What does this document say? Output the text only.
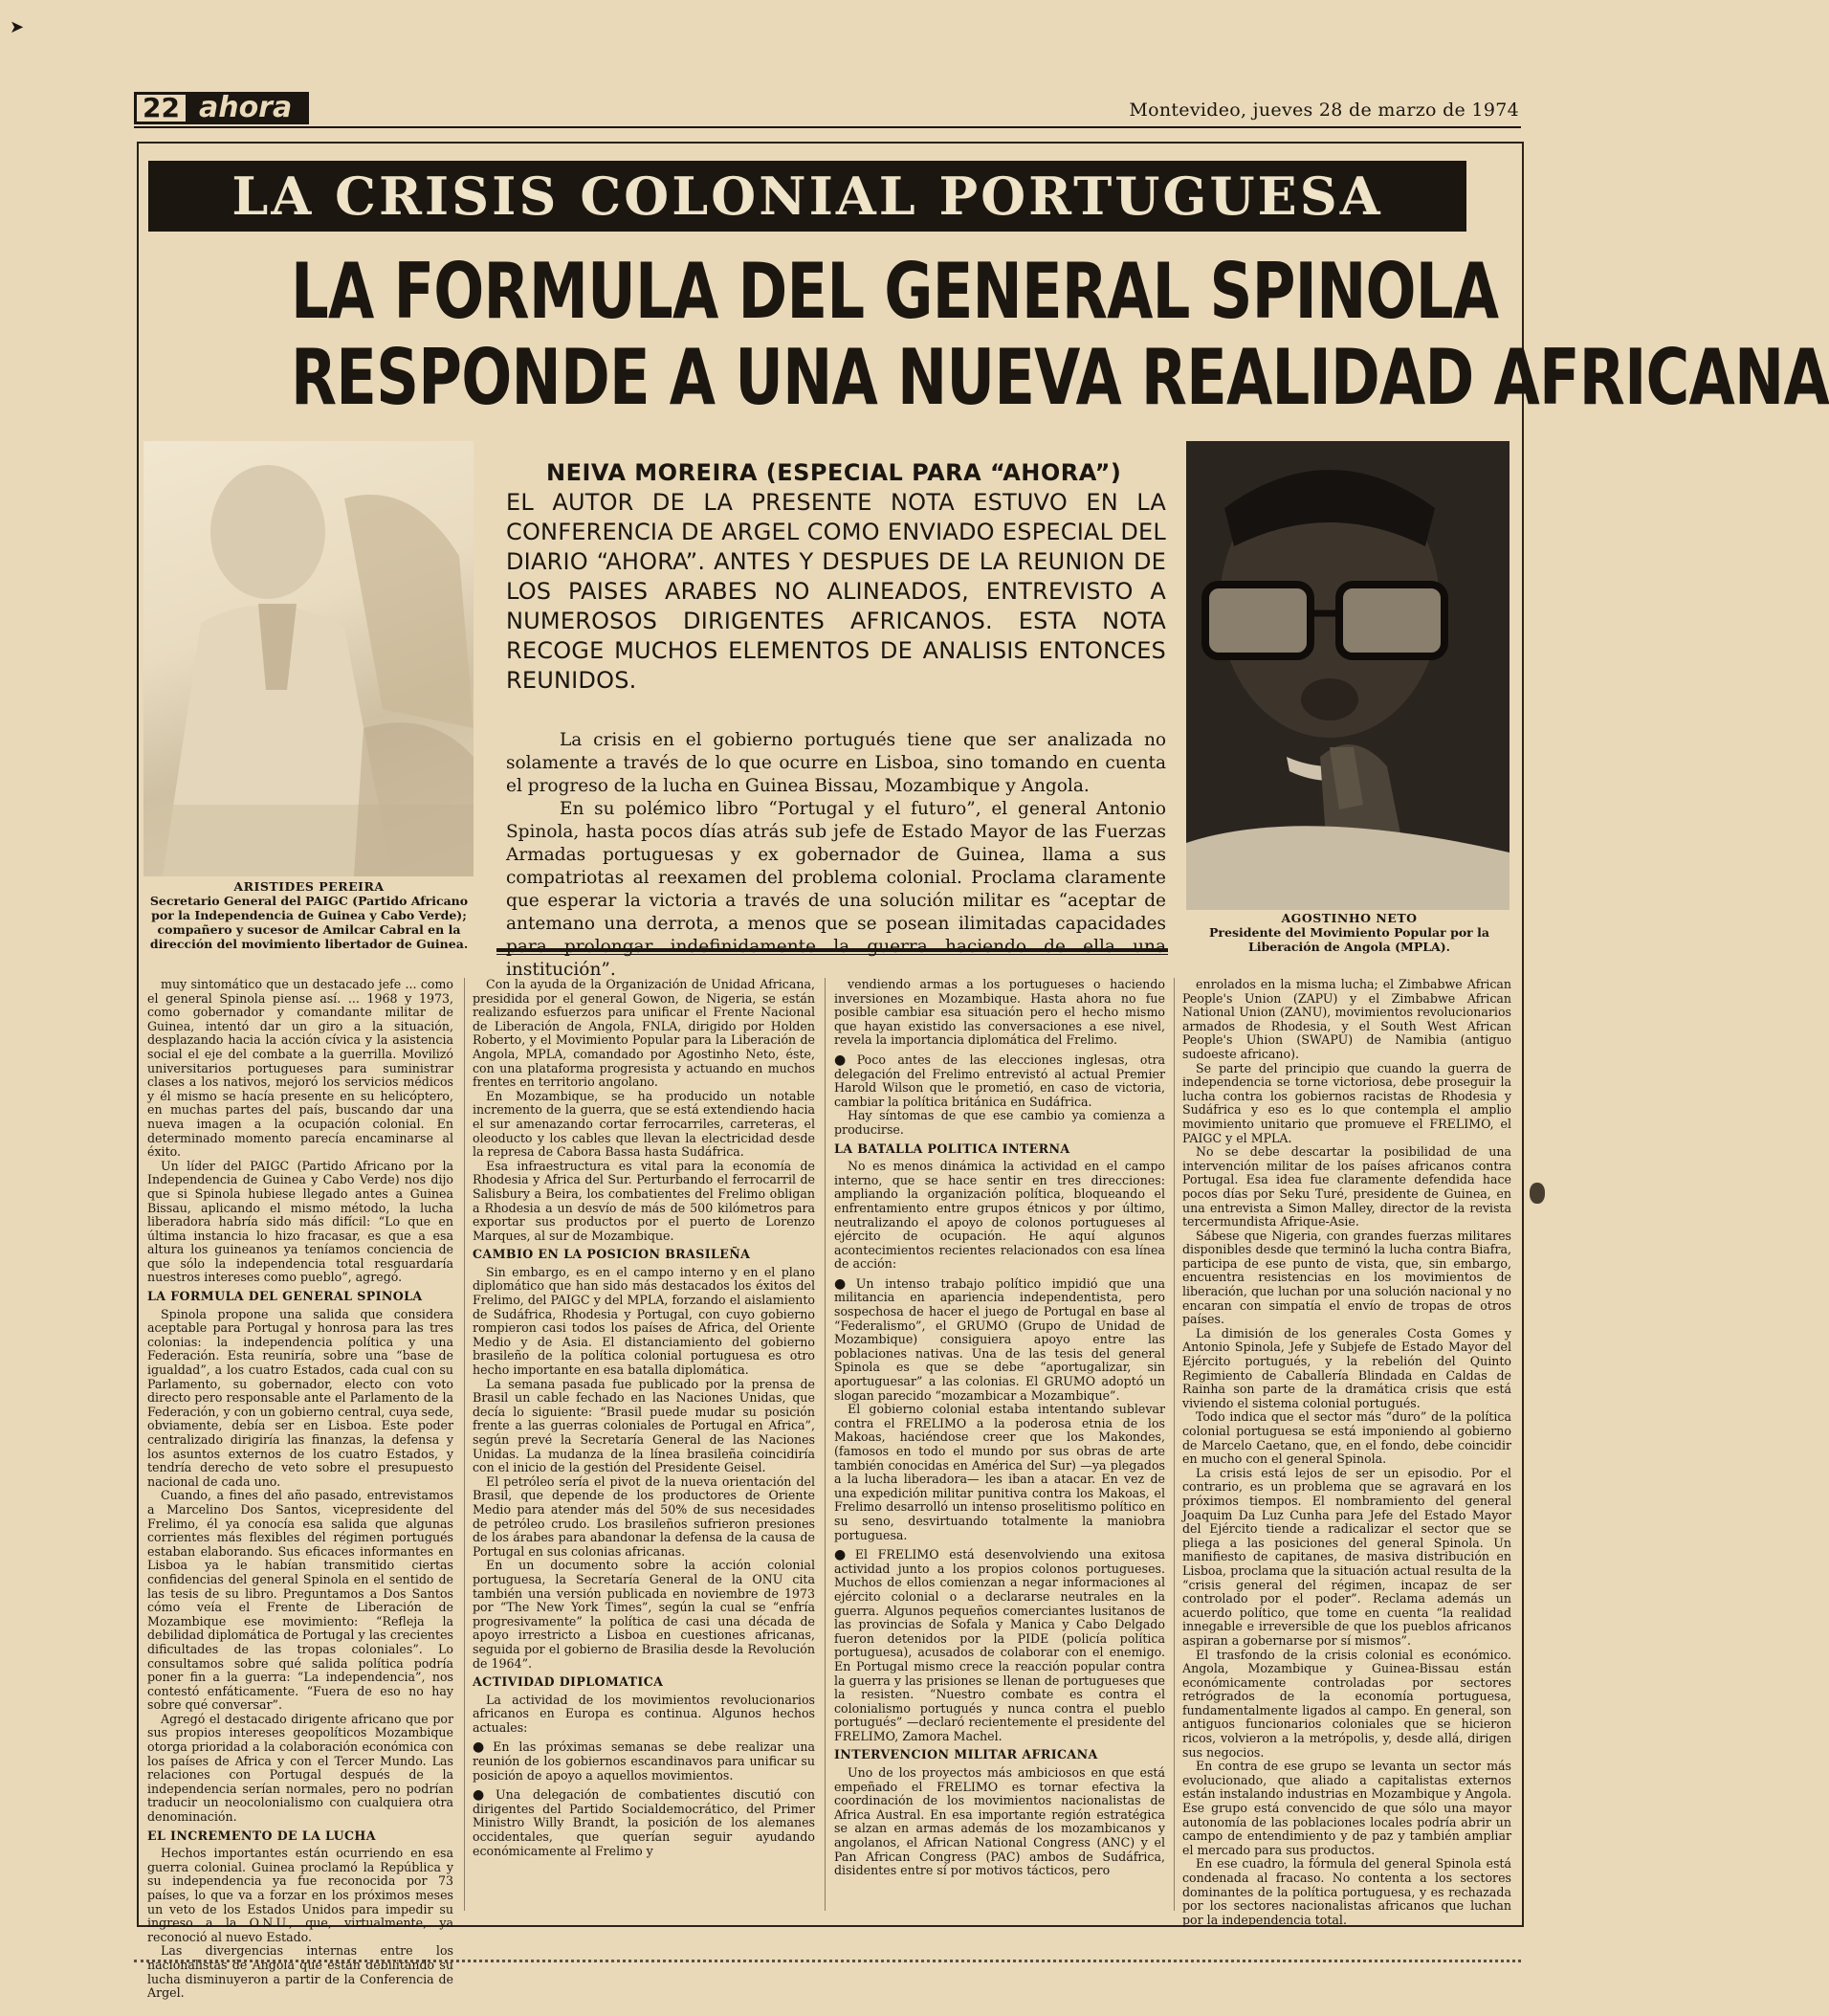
➤
22 ahora	Montevideo, jueves 28 de marzo de 1974
LA CRISIS COLONIAL PORTUGUESA
LA FORMULA DEL GENERAL SPINOLA
RESPONDE A UNA NUEVA REALIDAD AFRICANA
ARISTIDES PEREIRA
Secretario General del PAIGC (Partido Africano por la Independencia de Guinea y Cabo Verde); compañero y sucesor de Amilcar Cabral en la dirección del movimiento libertador de Guinea.
AGOSTINHO NETO
Presidente del Movimiento Popular por la Liberación de Angola (MPLA).
NEIVA MOREIRA (ESPECIAL PARA “AHORA”)
EL AUTOR DE LA PRESENTE NOTA ESTUVO EN LA CONFERENCIA DE ARGEL COMO ENVIADO ESPECIAL DEL DIARIO “AHORA”. ANTES Y DESPUES DE LA REUNION DE LOS PAISES ARABES NO ALINEADOS, ENTREVISTO A NUMEROSOS DIRIGENTES AFRICANOS. ESTA NOTA RECOGE MUCHOS ELEMENTOS DE ANALISIS ENTONCES REUNIDOS.

La crisis en el gobierno portugués tiene que ser analizada no solamente a través de lo que ocurre en Lisboa, sino tomando en cuenta el progreso de la lucha en Guinea Bissau, Mozambique y Angola.

En su polémico libro “Portugal y el futuro”, el general Antonio Spinola, hasta pocos días atrás sub jefe de Estado Mayor de las Fuerzas Armadas portuguesas y ex gobernador de Guinea, llama a sus compatriotas al reexamen del problema colonial. Proclama claramente que esperar la victoria a través de una solución militar es “aceptar de antemano una derrota, a menos que se posean ilimitadas capacidades para prolongar indefinidamente la guerra haciendo de ella una institución”.

muy sintomático que un destacado jefe ... como el general Spinola piense así. ... 1968 y 1973, como gobernador y comandante militar de Guinea, intentó dar un giro a la situación, desplazando hacia la acción cívica y la asistencia social el eje del combate a la guerrilla. Movilizó universitarios portugueses para suministrar clases a los nativos, mejoró los servicios médicos y él mismo se hacía presente en su helicóptero, en muchas partes del país, buscando dar una nueva imagen a la ocupación colonial. En determinado momento parecía encaminarse al éxito.

Un líder del PAIGC (Partido Africano por la Independencia de Guinea y Cabo Verde) nos dijo que si Spinola hubiese llegado antes a Guinea Bissau, aplicando el mismo método, la lucha liberadora habría sido más difícil: “Lo que en última instancia lo hizo fracasar, es que a esa altura los guineanos ya teníamos conciencia de que sólo la independencia total resguardaría nuestros intereses como pueblo”, agregó.

LA FORMULA DEL GENERAL SPINOLA

Spinola propone una salida que considera aceptable para Portugal y honrosa para las tres colonias: la independencia política y una Federación. Esta reuniría, sobre una “base de igualdad”, a los cuatro Estados, cada cual con su Parlamento, su gobernador, electo con voto directo pero responsable ante el Parlamento de la Federación, y con un gobierno central, cuya sede, obviamente, debía ser en Lisboa. Este poder centralizado dirigiría las finanzas, la defensa y los asuntos externos de los cuatro Estados, y tendría derecho de veto sobre el presupuesto nacional de cada uno.

Cuando, a fines del año pasado, entrevistamos a Marcelino Dos Santos, vicepresidente del Frelimo, él ya conocía esa salida que algunas corrientes más flexibles del régimen portugués estaban elaborando. Sus eficaces informantes en Lisboa ya le habían transmitido ciertas confidencias del general Spinola en el sentido de las tesis de su libro. Preguntamos a Dos Santos cómo veía el Frente de Liberación de Mozambique ese movimiento: “Refleja la debilidad diplomática de Portugal y las crecientes dificultades de las tropas coloniales”. Lo consultamos sobre qué salida política podría poner fin a la guerra: “La independencia”, nos contestó enfáticamente. “Fuera de eso no hay sobre qué conversar”.

Agregó el destacado dirigente africano que por sus propios intereses geopolíticos Mozambique otorga prioridad a la colaboración económica con los países de Africa y con el Tercer Mundo. Las relaciones con Portugal después de la independencia serían normales, pero no podrían traducir un neocolonialismo con cualquiera otra denominación.

EL INCREMENTO DE LA LUCHA

Hechos importantes están ocurriendo en esa guerra colonial. Guinea proclamó la República y su independencia ya fue reconocida por 73 países, lo que va a forzar en los próximos meses un veto de los Estados Unidos para impedir su ingreso a la O.N.U., que, virtualmente, ya reconoció al nuevo Estado.

Las divergencias internas entre los nacionalistas de Angola que están debilitando su lucha disminuyeron a partir de la Conferencia de Argel.

Con la ayuda de la Organización de Unidad Africana, presidida por el general Gowon, de Nigeria, se están realizando esfuerzos para unificar el Frente Nacional de Liberación de Angola, FNLA, dirigido por Holden Roberto, y el Movimiento Popular para la Liberación de Angola, MPLA, comandado por Agostinho Neto, éste, con una plataforma progresista y actuando en muchos frentes en territorio angolano.

En Mozambique, se ha producido un notable incremento de la guerra, que se está extendiendo hacia el sur amenazando cortar ferrocarriles, carreteras, el oleoducto y los cables que llevan la electricidad desde la represa de Cabora Bassa hasta Sudáfrica.

Esa infraestructura es vital para la economía de Rhodesia y Africa del Sur. Perturbando el ferrocarril de Salisbury a Beira, los combatientes del Frelimo obligan a Rhodesia a un desvío de más de 500 kilómetros para exportar sus productos por el puerto de Lorenzo Marques, al sur de Mozambique.

CAMBIO EN LA POSICION BRASILEÑA

Sin embargo, es en el campo interno y en el plano diplomático que han sido más destacados los éxitos del Frelimo, del PAIGC y del MPLA, forzando el aislamiento de Sudáfrica, Rhodesia y Portugal, con cuyo gobierno rompieron casi todos los países de Africa, del Oriente Medio y de Asia. El distanciamiento del gobierno brasileño de la política colonial portuguesa es otro hecho importante en esa batalla diplomática.

La semana pasada fue publicado por la prensa de Brasil un cable fechado en las Naciones Unidas, que decía lo siguiente: “Brasil puede mudar su posición frente a las guerras coloniales de Portugal en Africa”, según prevé la Secretaría General de las Naciones Unidas. La mudanza de la línea brasileña coincidiría con el inicio de la gestión del Presidente Geisel.

El petróleo sería el pivot de la nueva orientación del Brasil, que depende de los productores de Oriente Medio para atender más del 50% de sus necesidades de petróleo crudo. Los brasileños sufrieron presiones de los árabes para abandonar la defensa de la causa de Portugal en sus colonias africanas.

En un documento sobre la acción colonial portuguesa, la Secretaría General de la ONU cita también una versión publicada en noviembre de 1973 por “The New York Times”, según la cual se “enfría progresivamente” la política de casi una década de apoyo irrestricto a Lisboa en cuestiones africanas, seguida por el gobierno de Brasilia desde la Revolución de 1964”.

ACTIVIDAD DIPLOMATICA

La actividad de los movimientos revolucionarios africanos en Europa es continua. Algunos hechos actuales:

● En las próximas semanas se debe realizar una reunión de los gobiernos escandinavos para unificar su posición de apoyo a aquellos movimientos.

● Una delegación de combatientes discutió con dirigentes del Partido Socialdemocrático, del Primer Ministro Willy Brandt, la posición de los alemanes occidentales, que querían seguir ayudando económicamente al Frelimo y

vendiendo armas a los portugueses o haciendo inversiones en Mozambique. Hasta ahora no fue posible cambiar esa situación pero el hecho mismo que hayan existido las conversaciones a ese nivel, revela la importancia diplomática del Frelimo.

● Poco antes de las elecciones inglesas, otra delegación del Frelimo entrevistó al actual Premier Harold Wilson que le prometió, en caso de victoria, cambiar la política británica en Sudáfrica.

Hay síntomas de que ese cambio ya comienza a producirse.

LA BATALLA POLITICA INTERNA

No es menos dinámica la actividad en el campo interno, que se hace sentir en tres direcciones: ampliando la organización política, bloqueando el enfrentamiento entre grupos étnicos y por último, neutralizando el apoyo de colonos portugueses al ejército de ocupación. He aquí algunos acontecimientos recientes relacionados con esa línea de acción:

● Un intenso trabajo político impidió que una militancia en apariencia independentista, pero sospechosa de hacer el juego de Portugal en base al “Federalismo”, el GRUMO (Grupo de Unidad de Mozambique) consiguiera apoyo entre las poblaciones nativas. Una de las tesis del general Spinola es que se debe “aportugalizar, sin aportuguesar” a las colonias. El GRUMO adoptó un slogan parecido “mozambicar a Mozambique”.

El gobierno colonial estaba intentando sublevar contra el FRELIMO a la poderosa etnia de los Makoas, haciéndose creer que los Makondes, (famosos en todo el mundo por sus obras de arte también conocidas en América del Sur) —ya plegados a la lucha liberadora— les iban a atacar. En vez de una expedición militar punitiva contra los Makoas, el Frelimo desarrolló un intenso proselitismo político en su seno, desvirtuando totalmente la maniobra portuguesa.

● El FRELIMO está desenvolviendo una exitosa actividad junto a los propios colonos portugueses. Muchos de ellos comienzan a negar informaciones al ejército colonial o a declararse neutrales en la guerra. Algunos pequeños comerciantes lusitanos de las provincias de Sofala y Manica y Cabo Delgado fueron detenidos por la PIDE (policía política portuguesa), acusados de colaborar con el enemigo. En Portugal mismo crece la reacción popular contra la guerra y las prisiones se llenan de portugueses que la resisten. “Nuestro combate es contra el colonialismo portugués y nunca contra el pueblo portugués” —declaró recientemente el presidente del FRELIMO, Zamora Machel.

INTERVENCION MILITAR AFRICANA

Uno de los proyectos más ambiciosos en que está empeñado el FRELIMO es tornar efectiva la coordinación de los movimientos nacionalistas de Africa Austral. En esa importante región estratégica se alzan en armas además de los mozambicanos y angolanos, el African National Congress (ANC) y el Pan African Congress (PAC) ambos de Sudáfrica, disidentes entre sí por motivos tácticos, pero

enrolados en la misma lucha; el Zimbabwe African People's Union (ZAPU) y el Zimbabwe African National Union (ZANU), movimientos revolucionarios armados de Rhodesia, y el South West African People's Uhion (SWAPU) de Namibia (antiguo sudoeste africano).

Se parte del principio que cuando la guerra de independencia se torne victoriosa, debe proseguir la lucha contra los gobiernos racistas de Rhodesia y Sudáfrica y eso es lo que contempla el amplio movimiento unitario que promueve el FRELIMO, el PAIGC y el MPLA.

No se debe descartar la posibilidad de una intervención militar de los países africanos contra Portugal. Esa idea fue claramente defendida hace pocos días por Seku Turé, presidente de Guinea, en una entrevista a Simon Malley, director de la revista tercermundista Afrique-Asie.

Sábese que Nigeria, con grandes fuerzas militares disponibles desde que terminó la lucha contra Biafra, participa de ese punto de vista, que, sin embargo, encuentra resistencias en los movimientos de liberación, que luchan por una solución nacional y no encaran con simpatía el envío de tropas de otros países.

La dimisión de los generales Costa Gomes y Antonio Spinola, Jefe y Subjefe de Estado Mayor del Ejército portugués, y la rebelión del Quinto Regimiento de Caballería Blindada en Caldas de Rainha son parte de la dramática crisis que está viviendo el sistema colonial portugués.

Todo indica que el sector más “duro” de la política colonial portuguesa se está imponiendo al gobierno de Marcelo Caetano, que, en el fondo, debe coincidir en mucho con el general Spinola.

La crisis está lejos de ser un episodio. Por el contrario, es un problema que se agravará en los próximos tiempos. El nombramiento del general Joaquim Da Luz Cunha para Jefe del Estado Mayor del Ejército tiende a radicalizar el sector que se pliega a las posiciones del general Spinola. Un manifiesto de capitanes, de masiva distribución en Lisboa, proclama que la situación actual resulta de la “crisis general del régimen, incapaz de ser controlado por el poder”. Reclama además un acuerdo político, que tome en cuenta “la realidad innegable e irreversible de que los pueblos africanos aspiran a gobernarse por sí mismos”.

El trasfondo de la crisis colonial es económico. Angola, Mozambique y Guinea-Bissau están económicamente controladas por sectores retrógrados de la economía portuguesa, fundamentalmente ligados al campo. En general, son antiguos funcionarios coloniales que se hicieron ricos, volvieron a la metrópolis, y, desde allá, dirigen sus negocios.

En contra de ese grupo se levanta un sector más evolucionado, que aliado a capitalistas externos están instalando industrias en Mozambique y Angola. Ese grupo está convencido de que sólo una mayor autonomía de las poblaciones locales podría abrir un campo de entendimiento y de paz y también ampliar el mercado para sus productos.

En ese cuadro, la fórmula del general Spinola está condenada al fracaso. No contenta a los sectores dominantes de la política portuguesa, y es rechazada por los sectores nacionalistas africanos que luchan por la independencia total.
